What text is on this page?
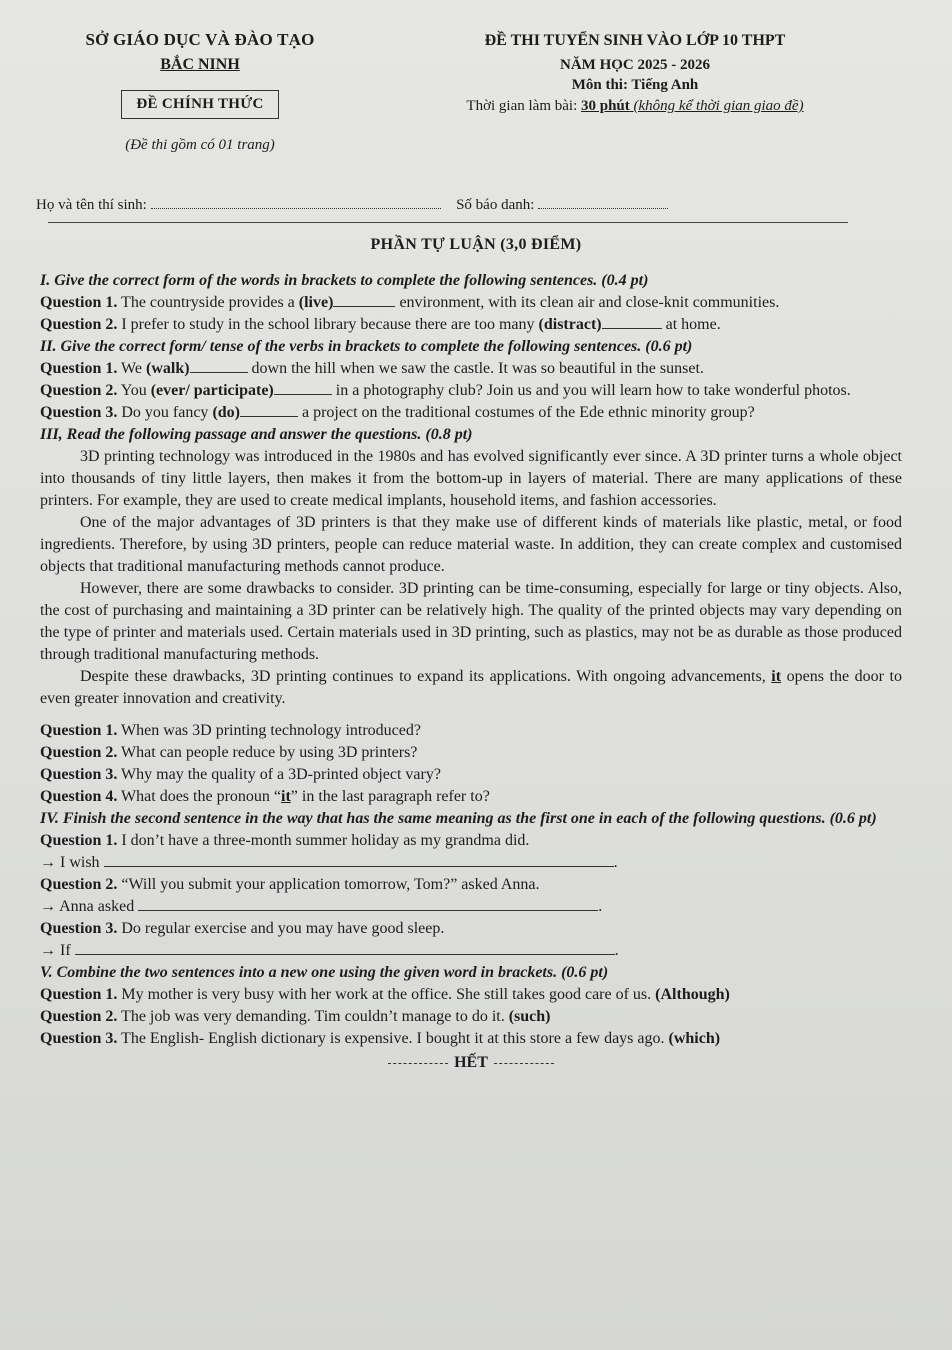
SỞ GIÁO DỤC VÀ ĐÀO TẠO
BẮC NINH
ĐỀ CHÍNH THỨC
(Đề thi gồm có 01 trang)
ĐỀ THI TUYỂN SINH VÀO LỚP 10 THPT
NĂM HỌC 2025 - 2026
Môn thi: Tiếng Anh
Thời gian làm bài: 30 phút (không kể thời gian giao đề)
Họ và tên thí sinh:	Số báo danh:
PHẦN TỰ LUẬN (3,0 ĐIỂM)

I. Give the correct form of the words in brackets to complete the following sentences. (0.4 pt)

Question 1. The countryside provides a (live)	environment, with its clean air and close-knit communities.

Question 2. I prefer to study in the school library because there are too many (distract)	at home.

II. Give the correct form/ tense of the verbs in brackets to complete the following sentences. (0.6 pt)

Question 1. We (walk)	down the hill when we saw the castle. It was so beautiful in the sunset.

Question 2. You (ever/ participate)	in a photography club? Join us and you will learn how to take wonderful photos.

Question 3. Do you fancy (do)	a project on the traditional costumes of the Ede ethnic minority group?

III, Read the following passage and answer the questions. (0.8 pt)

3D printing technology was introduced in the 1980s and has evolved significantly ever since. A 3D printer turns a whole object into thousands of tiny little layers, then makes it from the bottom-up in layers of material. There are many applications of these printers. For example, they are used to create medical implants, household items, and fashion accessories.

One of the major advantages of 3D printers is that they make use of different kinds of materials like plastic, metal, or food ingredients. Therefore, by using 3D printers, people can reduce material waste. In addition, they can create complex and customised objects that traditional manufacturing methods cannot produce.

However, there are some drawbacks to consider. 3D printing can be time-consuming, especially for large or tiny objects. Also, the cost of purchasing and maintaining a 3D printer can be relatively high. The quality of the printed objects may vary depending on the type of printer and materials used. Certain materials used in 3D printing, such as plastics, may not be as durable as those produced through traditional manufacturing methods.

Despite these drawbacks, 3D printing continues to expand its applications. With ongoing advancements, it opens the door to even greater innovation and creativity.

Question 1. When was 3D printing technology introduced?

Question 2. What can people reduce by using 3D printers?

Question 3. Why may the quality of a 3D-printed object vary?

Question 4. What does the pronoun “it” in the last paragraph refer to?

IV. Finish the second sentence in the way that has the same meaning as the first one in each of the following questions. (0.6 pt)

Question 1. I don’t have a three-month summer holiday as my grandma did.

→ I wish	.

Question 2. “Will you submit your application tomorrow, Tom?” asked Anna.

→ Anna asked	.

Question 3. Do regular exercise and you may have good sleep.

→ If	.

V. Combine the two sentences into a new one using the given word in brackets. (0.6 pt)

Question 1. My mother is very busy with her work at the office. She still takes good care of us. (Although)

Question 2. The job was very demanding. Tim couldn’t manage to do it. (such)

Question 3. The English- English dictionary is expensive. I bought it at this store a few days ago. (which)

HẾT
